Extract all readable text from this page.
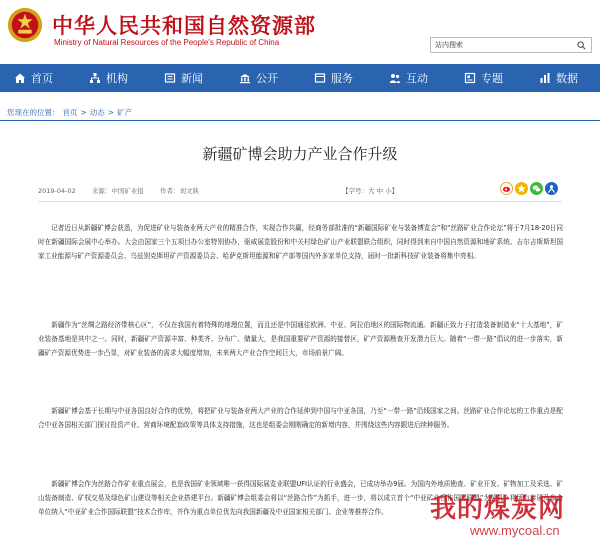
中华人民共和国自然资源部
Ministry of Natural Resources of the People's Republic of China
站内搜索
首页	机构	新闻	公开	服务	互动	专题	数据
您现在的位置： 首页 > 动态 > 矿产
新疆矿博会助力产业合作升级
2019-04-02 来源：中国矿业报 作者：刘文陕	【字号：大 中 小】

记者近日从新疆矿博会获悉，为促进矿业与装备业两大产业的精准合作，实现合作共赢，经商务部批准的“新疆国际矿业与装备博览会”和“丝路矿业合作论坛”将于7月18-20日同时在新疆国际会展中心举办。大会由国家三个五项目办公室特别协办，驱威展览股份和中关村绿色矿山产业联盟联合组织，同时得到来自中国自然资源和地矿系统、吉尔吉斯斯坦国家工业能源与矿产资源委员会、乌兹别克斯坦矿产资源委员会、哈萨克斯坦能源和矿产部等国内外多家单位支持，届时一批新科技矿业装备将集中亮相。

新疆作为“丝绸之路经济带核心区”，不仅在我国有着特殊的地理位置，而且还是中国通往欧洲、中亚、阿拉伯地区的国际物流通。新疆正致力于打造装备制造业“十大基地”，矿业装备基地是其中之一。同时，新疆矿产资源丰富、种类齐、分布广、储量大，是我国重要矿产资源的接替区，矿产资源勘查开发潜力巨大。随着“一带一路”倡议的进一步落实，新疆矿产资源优势进一步凸显，对矿业装备的需求大幅度增加，未来两大产业合作空间巨大，市场前景广阔。

新疆矿博会基于长期与中亚各国良好合作的优势，将把矿业与装备业两大产业的合作延伸到中国与中亚各国，乃至“一带一路”沿线国家之间。丝路矿业合作论坛的工作重点是配合中亚各国相关部门探讨投资产业、营商环境配套政策等具体支持措施，这也是组委会刚刚确定的新增内容，并围绕这些内容跟进后续种服务。

新疆矿博会作为丝路合作矿业重点展会，也是我国矿业领域唯一获得国际展览业联盟UFI认证的行业盛会，已成功举办9届。为国内外地质勘查、矿业开发、矿物加工及采选、矿山装备制造、矿权交易及绿色矿山建设等相关企业搭建平台。新疆矿博会组委会将以“丝路合作”为抓手，进一步，将以成立首个“中亚矿业合作国际联盟”为契机，将所有参展及参会单位纳入“中亚矿业合作国际联盟”技术合作库，并作为重点单位优先向我国新疆及中亚国家相关部门、企业等推荐合作。	我的煤炭网
www.mycoal.cn
